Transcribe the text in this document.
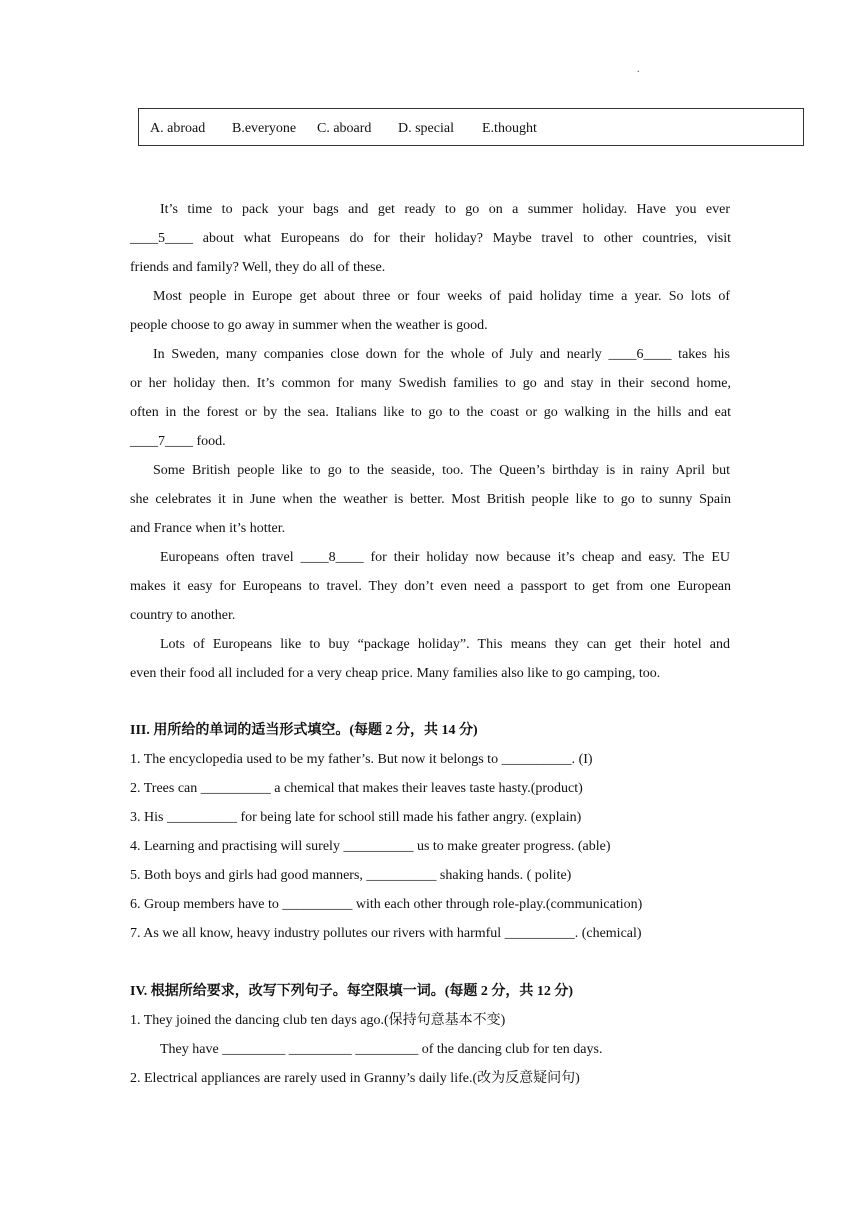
.
A. abroad B.everyone C. aboard D. special E.thought
It’s time to pack your bags and get ready to go on a summer holiday. Have you ever
____5____ about what Europeans do for their holiday? Maybe travel to other countries, visit
friends and family? Well, they do all of these.
Most people in Europe get about three or four weeks of paid holiday time a year. So lots of
people choose to go away in summer when the weather is good.
In Sweden, many companies close down for the whole of July and nearly ____6____ takes his
or her holiday then. It’s common for many Swedish families to go and stay in their second home,
often in the forest or by the sea. Italians like to go to the coast or go walking in the hills and eat
____7____ food.
Some British people like to go to the seaside, too. The Queen’s birthday is in rainy April but
she celebrates it in June when the weather is better. Most British people like to go to sunny Spain
and France when it’s hotter.
Europeans often travel ____8____ for their holiday now because it’s cheap and easy. The EU
makes it easy for Europeans to travel. They don’t even need a passport to get from one European
country to another.
Lots of Europeans like to buy “package holiday”. This means they can get their hotel and
even their food all included for a very cheap price. Many families also like to go camping, too.
III. 用所给的单词的适当形式填空。(每题 2 分，共 14 分)
1. The encyclopedia used to be my father’s. But now it belongs to __________. (I)
2. Trees can __________ a chemical that makes their leaves taste hasty.(product)
3. His __________ for being late for school still made his father angry. (explain)
4. Learning and practising will surely __________ us to make greater progress. (able)
5. Both boys and girls had good manners, __________ shaking hands. ( polite)
6. Group members have to __________ with each other through role-play.(communication)
7. As we all know, heavy industry pollutes our rivers with harmful __________. (chemical)
IV. 根据所给要求，改写下列句子。每空限填一词。(每题 2 分，共 12 分)
1. They joined the dancing club ten days ago.(保持句意基本不变)
They have _________ _________ _________ of the dancing club for ten days.
2. Electrical appliances are rarely used in Granny’s daily life.(改为反意疑问句)
